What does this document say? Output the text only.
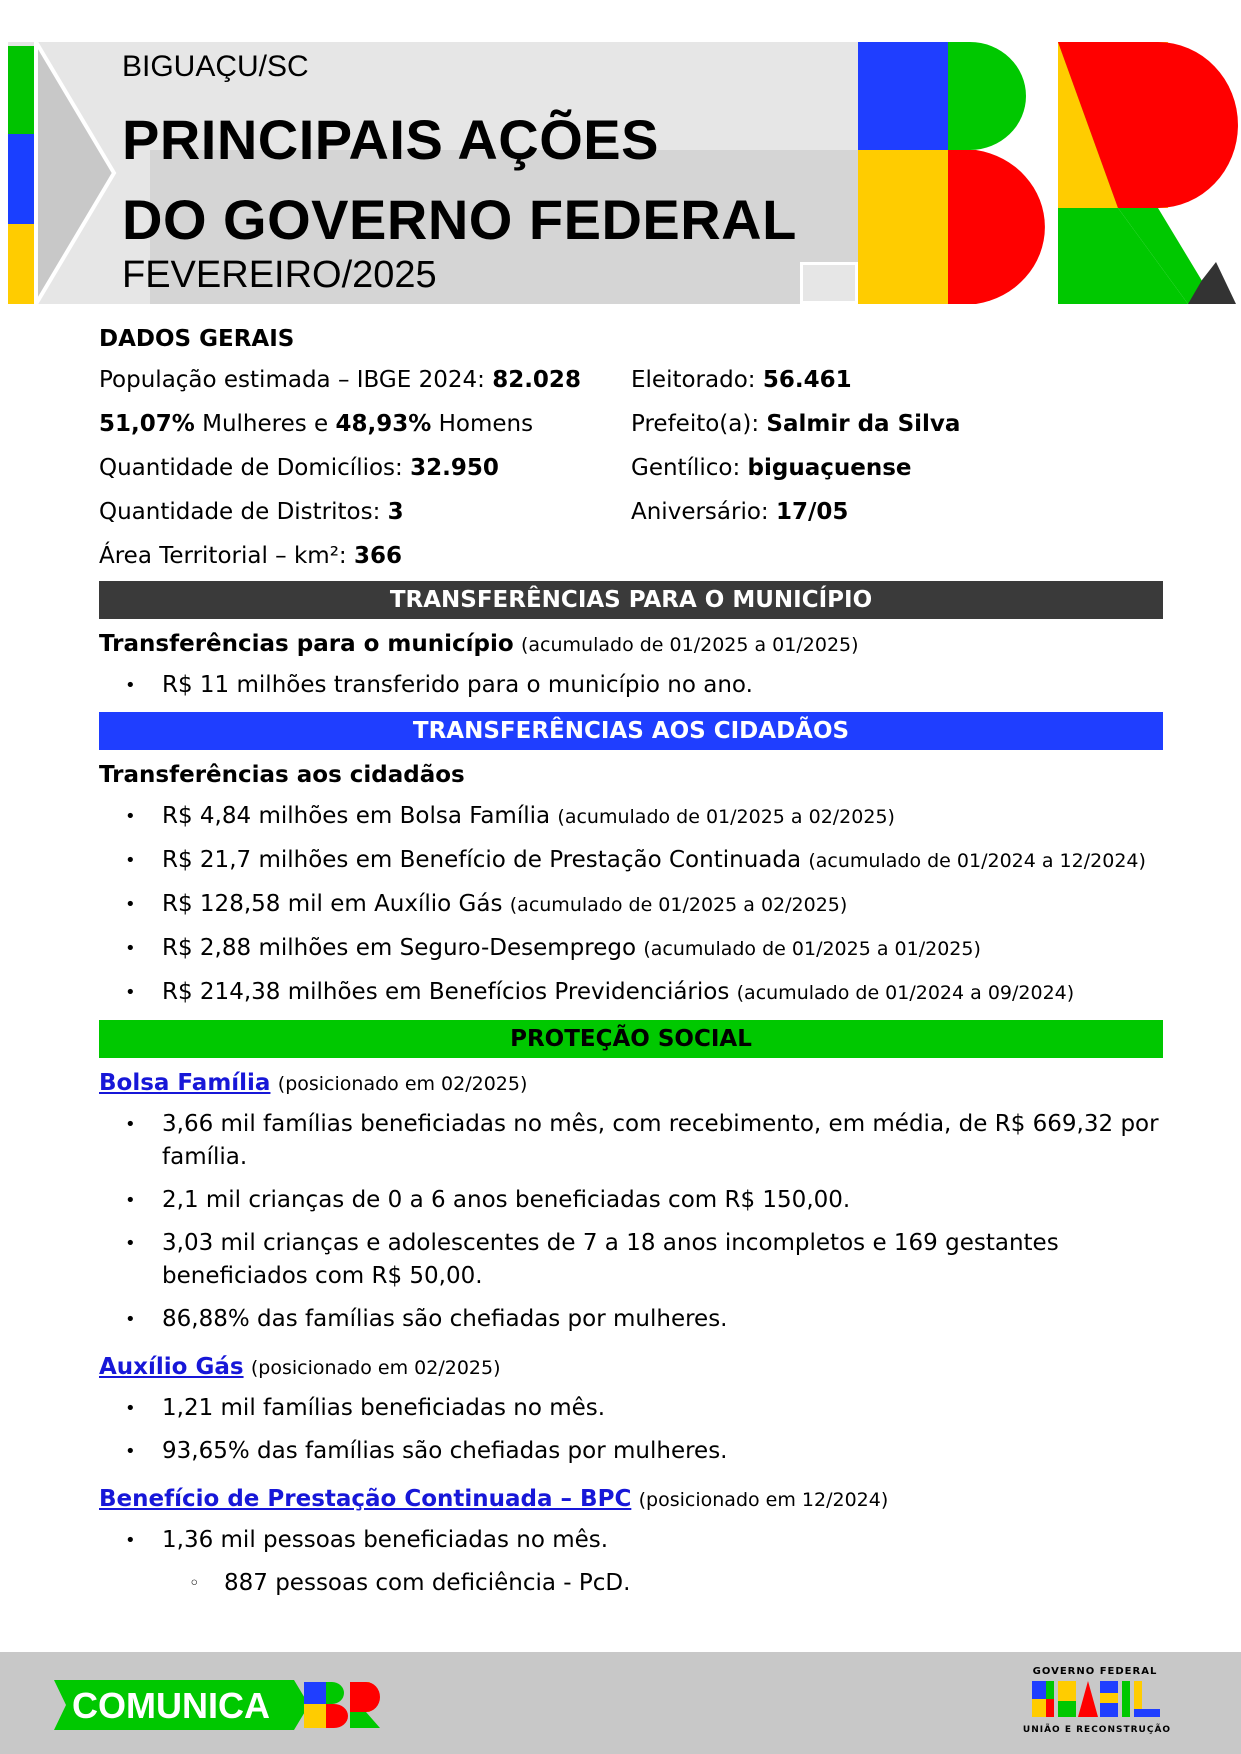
BIGUAÇU/SC
PRINCIPAIS AÇÕES
DO GOVERNO FEDERAL
FEVEREIRO/2025
DADOS GERAIS
População estimada – IBGE 2024: 82.028
51,07% Mulheres e 48,93% Homens
Quantidade de Domicílios: 32.950
Quantidade de Distritos: 3
Área Territorial – km²: 366
Eleitorado: 56.461
Prefeito(a): Salmir da Silva
Gentílico: biguaçuense
Aniversário: 17/05
TRANSFERÊNCIAS PARA O MUNICÍPIO
Transferências para o município (acumulado de 01/2025 a 01/2025)
• R$ 11 milhões transferido para o município no ano.
TRANSFERÊNCIAS AOS CIDADÃOS
Transferências aos cidadãos
• R$ 4,84 milhões em Bolsa Família (acumulado de 01/2025 a 02/2025)
• R$ 21,7 milhões em Benefício de Prestação Continuada (acumulado de 01/2024 a 12/2024)
• R$ 128,58 mil em Auxílio Gás (acumulado de 01/2025 a 02/2025)
• R$ 2,88 milhões em Seguro-Desemprego (acumulado de 01/2025 a 01/2025)
• R$ 214,38 milhões em Benefícios Previdenciários (acumulado de 01/2024 a 09/2024)
PROTEÇÃO SOCIAL
Bolsa Família (posicionado em 02/2025)
• 3,66 mil famílias beneficiadas no mês, com recebimento, em média, de R$ 669,32 por família.
• 2,1 mil crianças de 0 a 6 anos beneficiadas com R$ 150,00.
• 3,03 mil crianças e adolescentes de 7 a 18 anos incompletos e 169 gestantes beneficiados com R$ 50,00.
• 86,88% das famílias são chefiadas por mulheres.
Auxílio Gás (posicionado em 02/2025)
• 1,21 mil famílias beneficiadas no mês.
• 93,65% das famílias são chefiadas por mulheres.
Benefício de Prestação Continuada – BPC (posicionado em 12/2024)
• 1,36 mil pessoas beneficiadas no mês.
◦ 887 pessoas com deficiência - PcD.
COMUNICA
GOVERNO FEDERAL
BRASIL
UNIÃO E RECONSTRUÇÃO
